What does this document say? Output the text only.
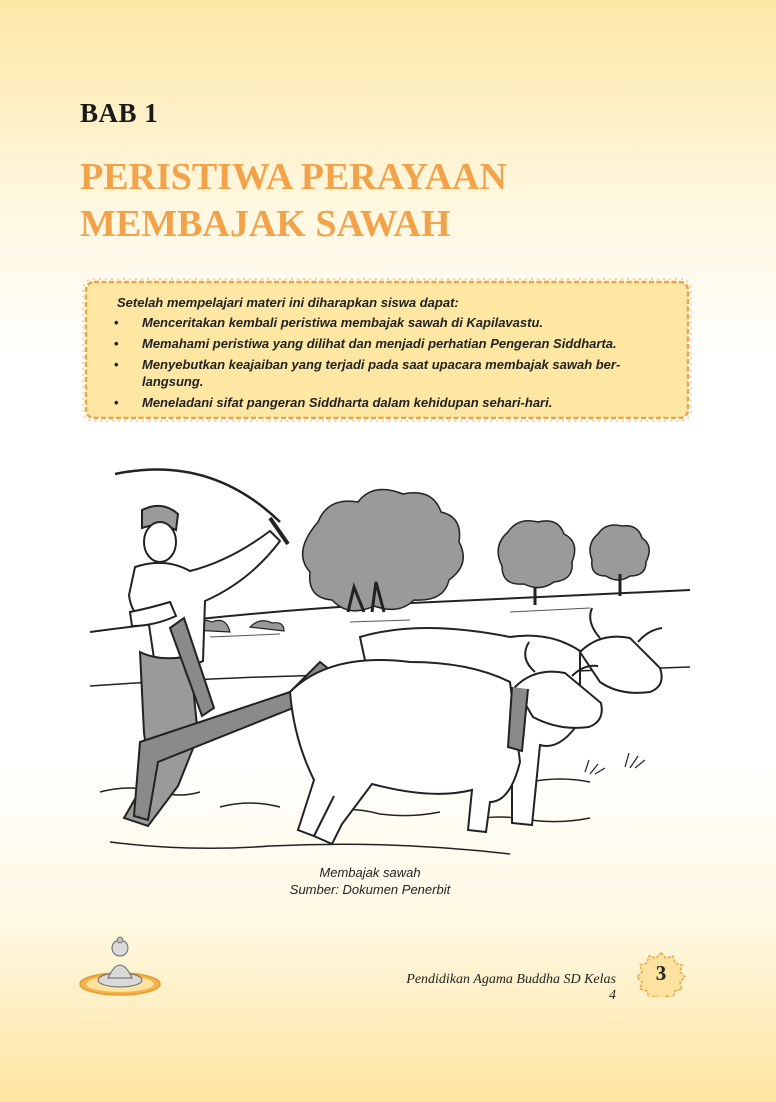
BAB 1
PERISTIWA PERAYAAN
MEMBAJAK SAWAH

Setelah mempelajari materi ini diharapkan siswa dapat:

• Menceritakan kembali peristiwa membajak sawah di Kapilavastu.
• Memahami peristiwa yang dilihat dan menjadi perhatian Pengeran Siddharta.
• Menyebutkan keajaiban yang terjadi pada saat upacara membajak sawah ber-langsung.
• Meneladani sifat pangeran Siddharta dalam kehidupan sehari-hari.
Membajak sawah
Sumber: Dokumen Penerbit
Pendidikan Agama Buddha SD Kelas 4
3
